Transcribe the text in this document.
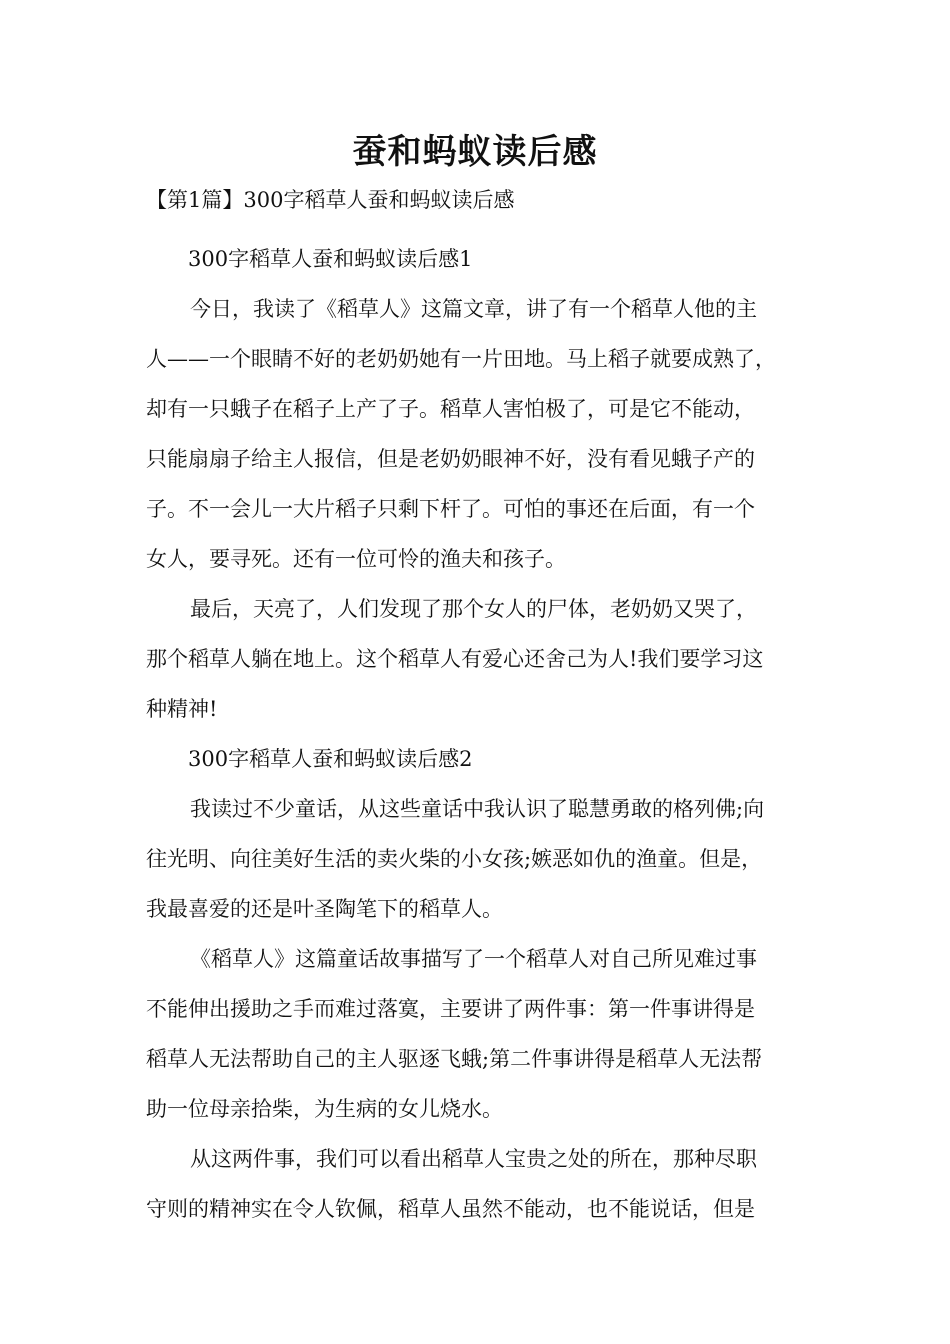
蚕和蚂蚁读后感
【第1篇】300字稻草人蚕和蚂蚁读后感

300字稻草人蚕和蚂蚁读后感1

今日，我读了《稻草人》这篇文章，讲了有一个稻草人他的主
人——一个眼睛不好的老奶奶她有一片田地。马上稻子就要成熟了，
却有一只蛾子在稻子上产了子。稻草人害怕极了，可是它不能动，
只能扇扇子给主人报信，但是老奶奶眼神不好，没有看见蛾子产的
子。不一会儿一大片稻子只剩下杆了。可怕的事还在后面，有一个
女人，要寻死。还有一位可怜的渔夫和孩子。

最后，天亮了，人们发现了那个女人的尸体，老奶奶又哭了，
那个稻草人躺在地上。这个稻草人有爱心还舍己为人!我们要学习这
种精神!

300字稻草人蚕和蚂蚁读后感2

我读过不少童话，从这些童话中我认识了聪慧勇敢的格列佛;向
往光明、向往美好生活的卖火柴的小女孩;嫉恶如仇的渔童。但是，
我最喜爱的还是叶圣陶笔下的稻草人。

《稻草人》这篇童话故事描写了一个稻草人对自己所见难过事
不能伸出援助之手而难过落寞，主要讲了两件事：第一件事讲得是
稻草人无法帮助自己的主人驱逐飞蛾;第二件事讲得是稻草人无法帮
助一位母亲拾柴，为生病的女儿烧水。

从这两件事，我们可以看出稻草人宝贵之处的所在，那种尽职
守则的精神实在令人钦佩，稻草人虽然不能动，也不能说话，但是
